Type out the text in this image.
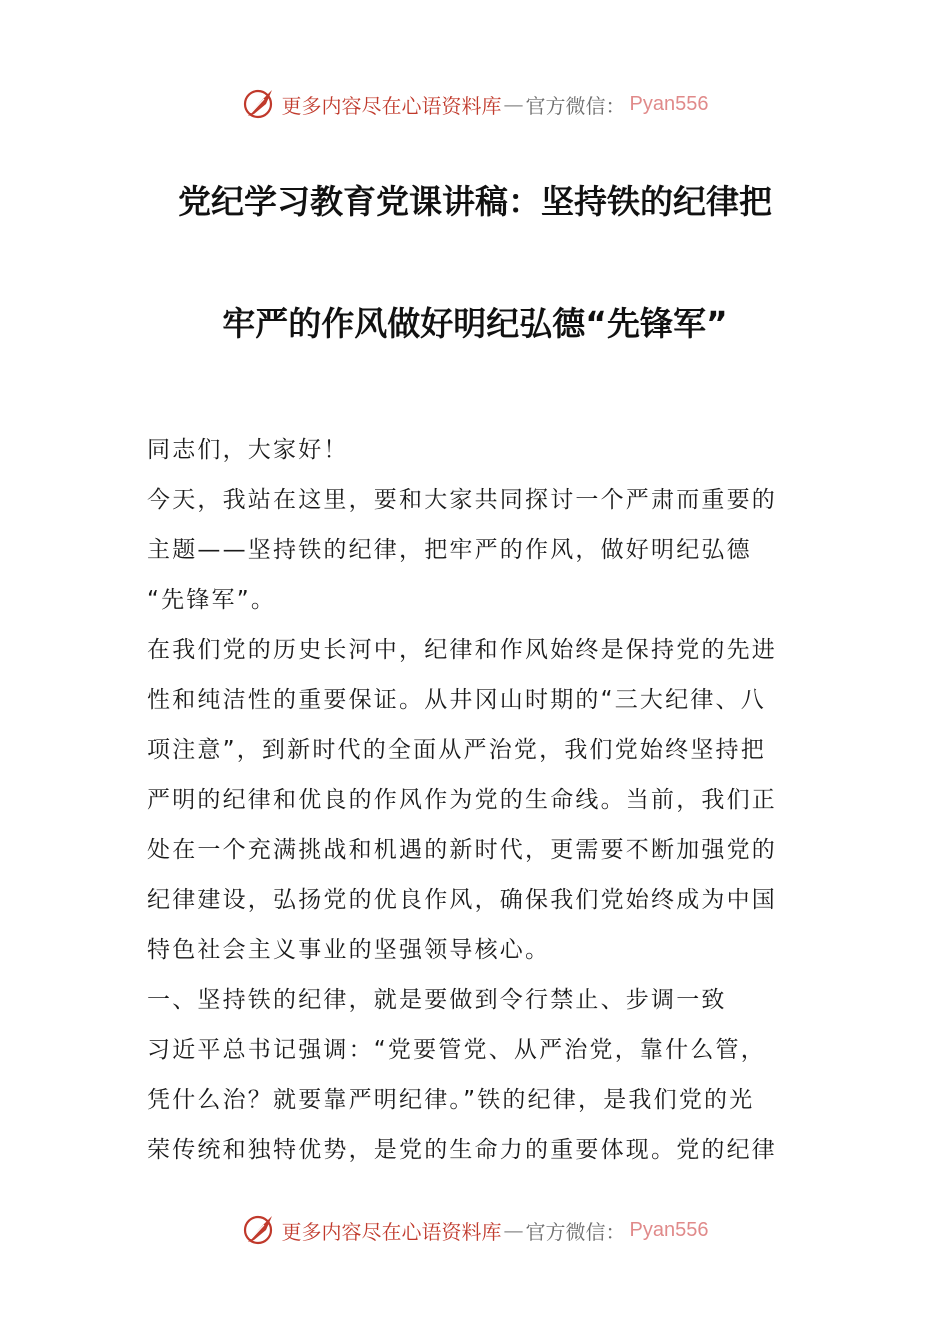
更多内容尽在心语资料库 — 官方微信： Pyan556
党纪学习教育党课讲稿：坚持铁的纪律把
牢严的作风做好明纪弘德“先锋军”

同志们，大家好！

今天，我站在这里，要和大家共同探讨一个严肃而重要的
主题——坚持铁的纪律，把牢严的作风，做好明纪弘德
“先锋军”。

在我们党的历史长河中，纪律和作风始终是保持党的先进
性和纯洁性的重要保证。从井冈山时期的“三大纪律、八
项注意”，到新时代的全面从严治党，我们党始终坚持把
严明的纪律和优良的作风作为党的生命线。当前，我们正
处在一个充满挑战和机遇的新时代，更需要不断加强党的
纪律建设，弘扬党的优良作风，确保我们党始终成为中国
特色社会主义事业的坚强领导核心。

一、坚持铁的纪律，就是要做到令行禁止、步调一致

习近平总书记强调：“党要管党、从严治党，靠什么管，
凭什么治？就要靠严明纪律。”铁的纪律，是我们党的光
荣传统和独特优势，是党的生命力的重要体现。党的纪律

更多内容尽在心语资料库 — 官方微信： Pyan556
